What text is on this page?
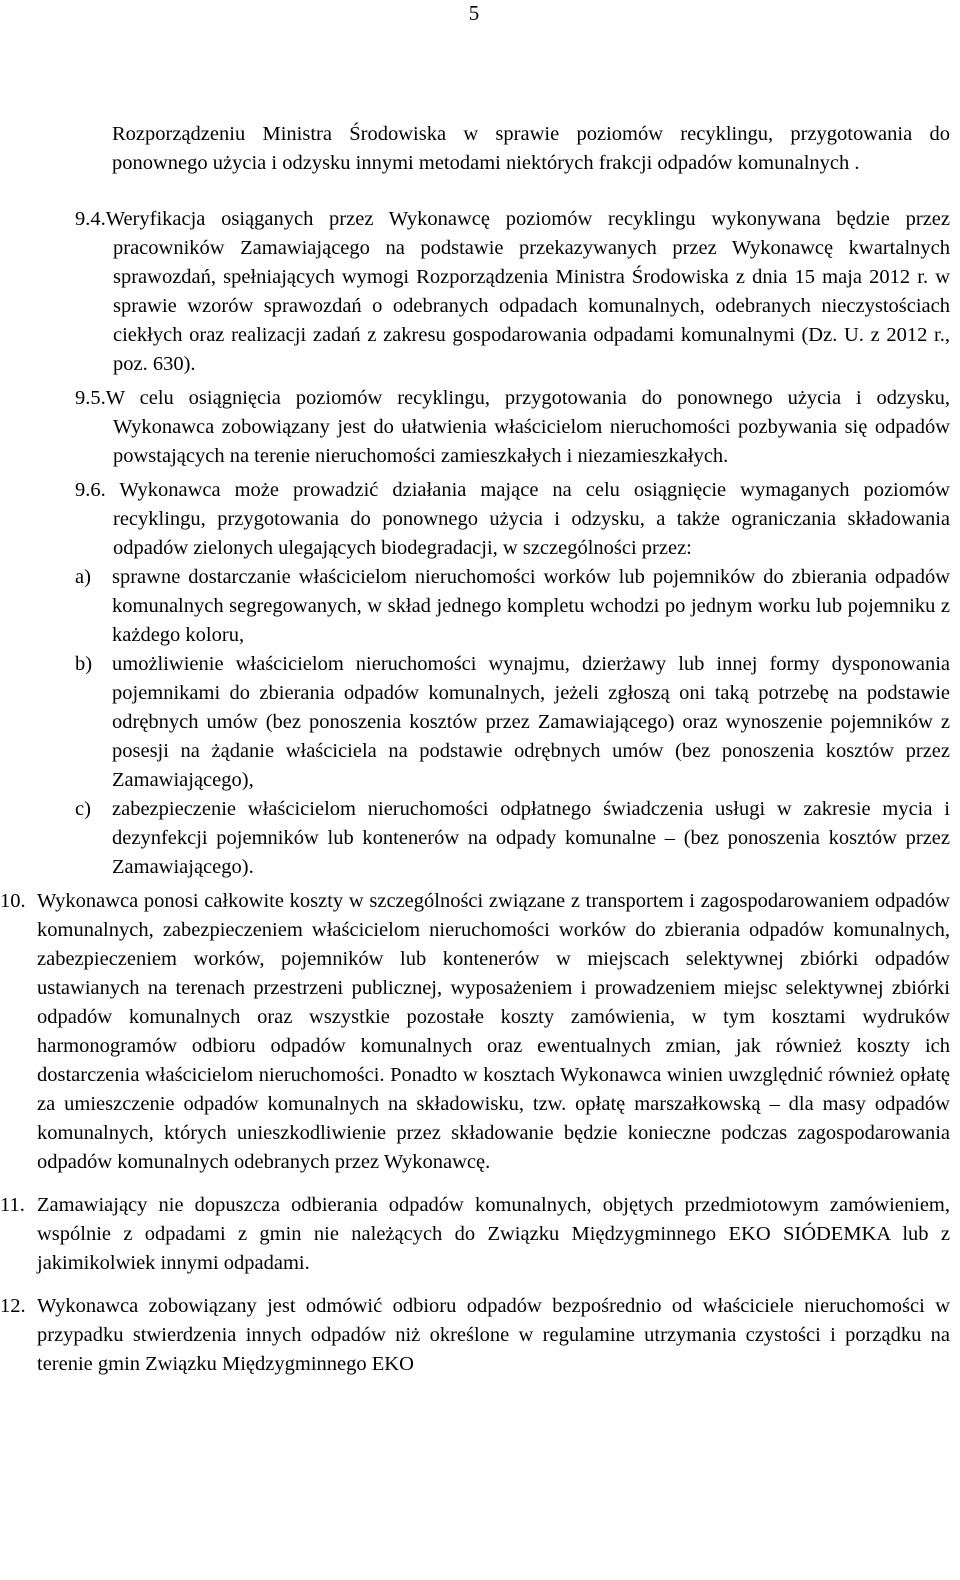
5

Rozporządzeniu Ministra Środowiska w sprawie poziomów recyklingu, przygotowania do ponownego użycia i odzysku innymi metodami niektórych frakcji odpadów komunalnych .

9.4.Weryfikacja osiąganych przez Wykonawcę poziomów recyklingu wykonywana będzie przez pracowników Zamawiającego na podstawie przekazywanych przez Wykonawcę kwartalnych sprawozdań, spełniających wymogi Rozporządzenia Ministra Środowiska z dnia 15 maja 2012 r. w sprawie wzorów sprawozdań o odebranych odpadach komunalnych, odebranych nieczystościach ciekłych oraz realizacji zadań z zakresu gospodarowania odpadami komunalnymi (Dz. U. z 2012 r., poz. 630).

9.5.W celu osiągnięcia poziomów recyklingu, przygotowania do ponownego użycia i odzysku, Wykonawca zobowiązany jest do ułatwienia właścicielom nieruchomości pozbywania się odpadów powstających na terenie nieruchomości zamieszkałych i niezamieszkałych.

9.6. Wykonawca może prowadzić działania mające na celu osiągnięcie wymaganych poziomów recyklingu, przygotowania do ponownego użycia i odzysku, a także ograniczania składowania odpadów zielonych ulegających biodegradacji, w szczególności przez:

a) sprawne dostarczanie właścicielom nieruchomości worków lub pojemników do zbierania odpadów komunalnych segregowanych, w skład jednego kompletu wchodzi po jednym worku lub pojemniku z każdego koloru,
b) umożliwienie właścicielom nieruchomości wynajmu, dzierżawy lub innej formy dysponowania pojemnikami do zbierania odpadów komunalnych, jeżeli zgłoszą oni taką potrzebę na podstawie odrębnych umów (bez ponoszenia kosztów przez Zamawiającego) oraz wynoszenie pojemników z posesji na żądanie właściciela na podstawie odrębnych umów (bez ponoszenia kosztów przez Zamawiającego),
c) zabezpieczenie właścicielom nieruchomości odpłatnego świadczenia usługi w zakresie mycia i dezynfekcji pojemników lub kontenerów na odpady komunalne – (bez ponoszenia kosztów przez Zamawiającego).
10. Wykonawca ponosi całkowite koszty w szczególności związane z transportem i zagospodarowaniem odpadów komunalnych, zabezpieczeniem właścicielom nieruchomości worków do zbierania odpadów komunalnych, zabezpieczeniem worków, pojemników lub kontenerów w miejscach selektywnej zbiórki odpadów ustawianych na terenach przestrzeni publicznej, wyposażeniem i prowadzeniem miejsc selektywnej zbiórki odpadów komunalnych oraz wszystkie pozostałe koszty zamówienia, w tym kosztami wydruków harmonogramów odbioru odpadów komunalnych oraz ewentualnych zmian, jak również koszty ich dostarczenia właścicielom nieruchomości. Ponadto w kosztach Wykonawca winien uwzględnić również opłatę za umieszczenie odpadów komunalnych na składowisku, tzw. opłatę marszałkowską – dla masy odpadów komunalnych, których unieszkodliwienie przez składowanie będzie konieczne podczas zagospodarowania odpadów komunalnych odebranych przez Wykonawcę.
11. Zamawiający nie dopuszcza odbierania odpadów komunalnych, objętych przedmiotowym zamówieniem, wspólnie z odpadami z gmin nie należących do Związku Międzygminnego EKO SIÓDEMKA lub z jakimikolwiek innymi odpadami.
12. Wykonawca zobowiązany jest odmówić odbioru odpadów bezpośrednio od właściciele nieruchomości w przypadku stwierdzenia innych odpadów niż określone w regulamine utrzymania czystości i porządku na terenie gmin Związku Międzygminnego EKO
